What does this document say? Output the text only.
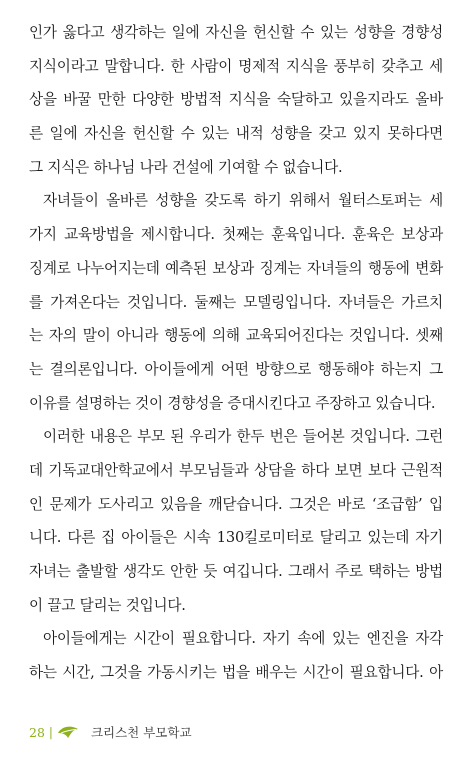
인가 옳다고 생각하는 일에 자신을 헌신할 수 있는 성향을 경향성
지식이라고 말합니다. 한 사람이 명제적 지식을 풍부히 갖추고 세
상을 바꿀 만한 다양한 방법적 지식을 숙달하고 있을지라도 올바
른 일에 자신을 헌신할 수 있는 내적 성향을 갖고 있지 못하다면
그 지식은 하나님 나라 건설에 기여할 수 없습니다.
자녀들이 올바른 성향을 갖도록 하기 위해서 월터스토퍼는 세
가지 교육방법을 제시합니다. 첫째는 훈육입니다. 훈육은 보상과
징계로 나누어지는데 예측된 보상과 징계는 자녀들의 행동에 변화
를 가져온다는 것입니다. 둘째는 모델링입니다. 자녀들은 가르치
는 자의 말이 아니라 행동에 의해 교육되어진다는 것입니다. 셋째
는 결의론입니다. 아이들에게 어떤 방향으로 행동해야 하는지 그
이유를 설명하는 것이 경향성을 증대시킨다고 주장하고 있습니다.
이러한 내용은 부모 된 우리가 한두 번은 들어본 것입니다. 그런
데 기독교대안학교에서 부모님들과 상담을 하다 보면 보다 근원적
인 문제가 도사리고 있음을 깨닫습니다. 그것은 바로 ‘조급함’ 입
니다. 다른 집 아이들은 시속 130킬로미터로 달리고 있는데 자기
자녀는 출발할 생각도 안한 듯 여깁니다. 그래서 주로 택하는 방법
이 끌고 달리는 것입니다.
아이들에게는 시간이 필요합니다. 자기 속에 있는 엔진을 자각
하는 시간, 그것을 가동시키는 법을 배우는 시간이 필요합니다. 아
28 |	크리스천 부모학교
